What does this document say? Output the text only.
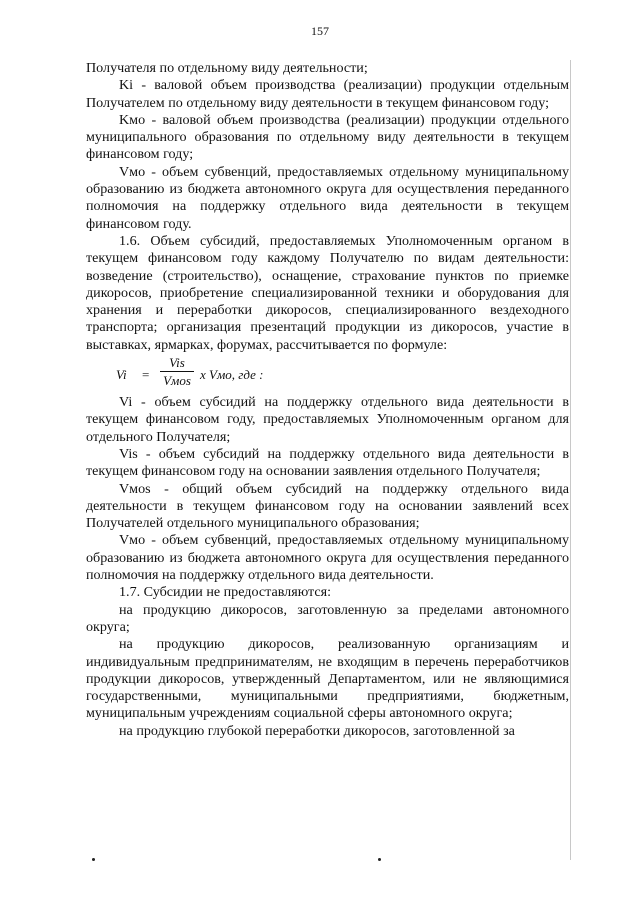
157

Получателя по отдельному виду деятельности;

Ki - валовой объем производства (реализации) продукции отдельным Получателем по отдельному виду деятельности в текущем финансовом году;

Kмо - валовой объем производства (реализации) продукции отдельного муниципального образования по отдельному виду деятельности в текущем финансовом году;

Vмо - объем субвенций, предоставляемых отдельному муниципальному образованию из бюджета автономного округа для осуществления переданного полномочия на поддержку отдельного вида деятельности в текущем финансовом году.

1.6. Объем субсидий, предоставляемых Уполномоченным органом в текущем финансовом году каждому Получателю по видам деятельности: возведение (строительство), оснащение, страхование пунктов по приемке дикоросов, приобретение специализированной техники и оборудования для хранения и переработки дикоросов, специализированного вездеходного транспорта; организация презентаций продукции из дикоросов, участие в выставках, ярмарках, форумах, рассчитывается по формуле:

Vi =
Vis
Vмos x Vмо, где :

Vi - объем субсидий на поддержку отдельного вида деятельности в текущем финансовом году, предоставляемых Уполномоченным органом для отдельного Получателя;

Vis - объем субсидий на поддержку отдельного вида деятельности в текущем финансовом году на основании заявления отдельного Получателя;

Vмos - общий объем субсидий на поддержку отдельного вида деятельности в текущем финансовом году на основании заявлений всех Получателей отдельного муниципального образования;

Vмо - объем субвенций, предоставляемых отдельному муниципальному образованию из бюджета автономного округа для осуществления переданного полномочия на поддержку отдельного вида деятельности.

1.7. Субсидии не предоставляются:

на продукцию дикоросов, заготовленную за пределами автономного округа;

на продукцию дикоросов, реализованную организациям и индивидуальным предпринимателям, не входящим в перечень переработчиков продукции дикоросов, утвержденный Департаментом, или не являющимися государственными, муниципальными предприятиями, бюджетным, муниципальным учреждениям социальной сферы автономного округа;

на продукцию глубокой переработки дикоросов, заготовленной за
